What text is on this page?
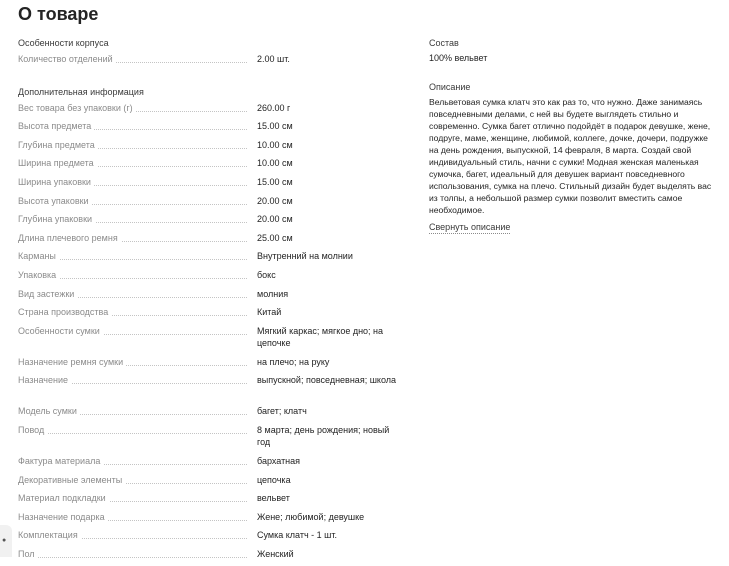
О товаре
Особенности корпуса
Количество отделений	2.00 шт.
Дополнительная информация
Вес товара без упаковки (г)	260.00 г
Высота предмета	15.00 см
Глубина предмета	10.00 см
Ширина предмета	10.00 см
Ширина упаковки	15.00 см
Высота упаковки	20.00 см
Глубина упаковки	20.00 см
Длина плечевого ремня	25.00 см
Карманы	Внутренний на молнии
Упаковка	бокс
Вид застежки	молния
Страна производства	Китай
Особенности сумки	Мягкий каркас; мягкое дно; на цепочке
Назначение ремня сумки	на плечо; на руку
Назначение	выпускной; повседневная; школа
Модель сумки	багет; клатч
Повод	8 марта; день рождения; новый год
Фактура материала	бархатная
Декоративные элементы	цепочка
Материал подкладки	вельвет
Назначение подарка	Жене; любимой; девушке
Комплектация	Сумка клатч - 1 шт.
Пол	Женский
Состав
100% вельвет
Описание
Вельветовая сумка клатч это как раз то, что нужно. Даже занимаясь повседневными делами, с ней вы будете выглядеть стильно и современно. Сумка багет отлично подойдёт в подарок девушке, жене, подруге, маме, женщине, любимой, коллеге, дочке, дочери, подружке на день рождения, выпускной, 14 февраля, 8 марта. Создай свой индивидуальный стиль, начни с сумки! Модная женская маленькая сумочка, багет, идеальный для девушек вариант повседневного использования, сумка на плечо. Стильный дизайн будет выделять вас из толпы, а небольшой размер сумки позволит вместить самое необходимое.
Свернуть описание
●
